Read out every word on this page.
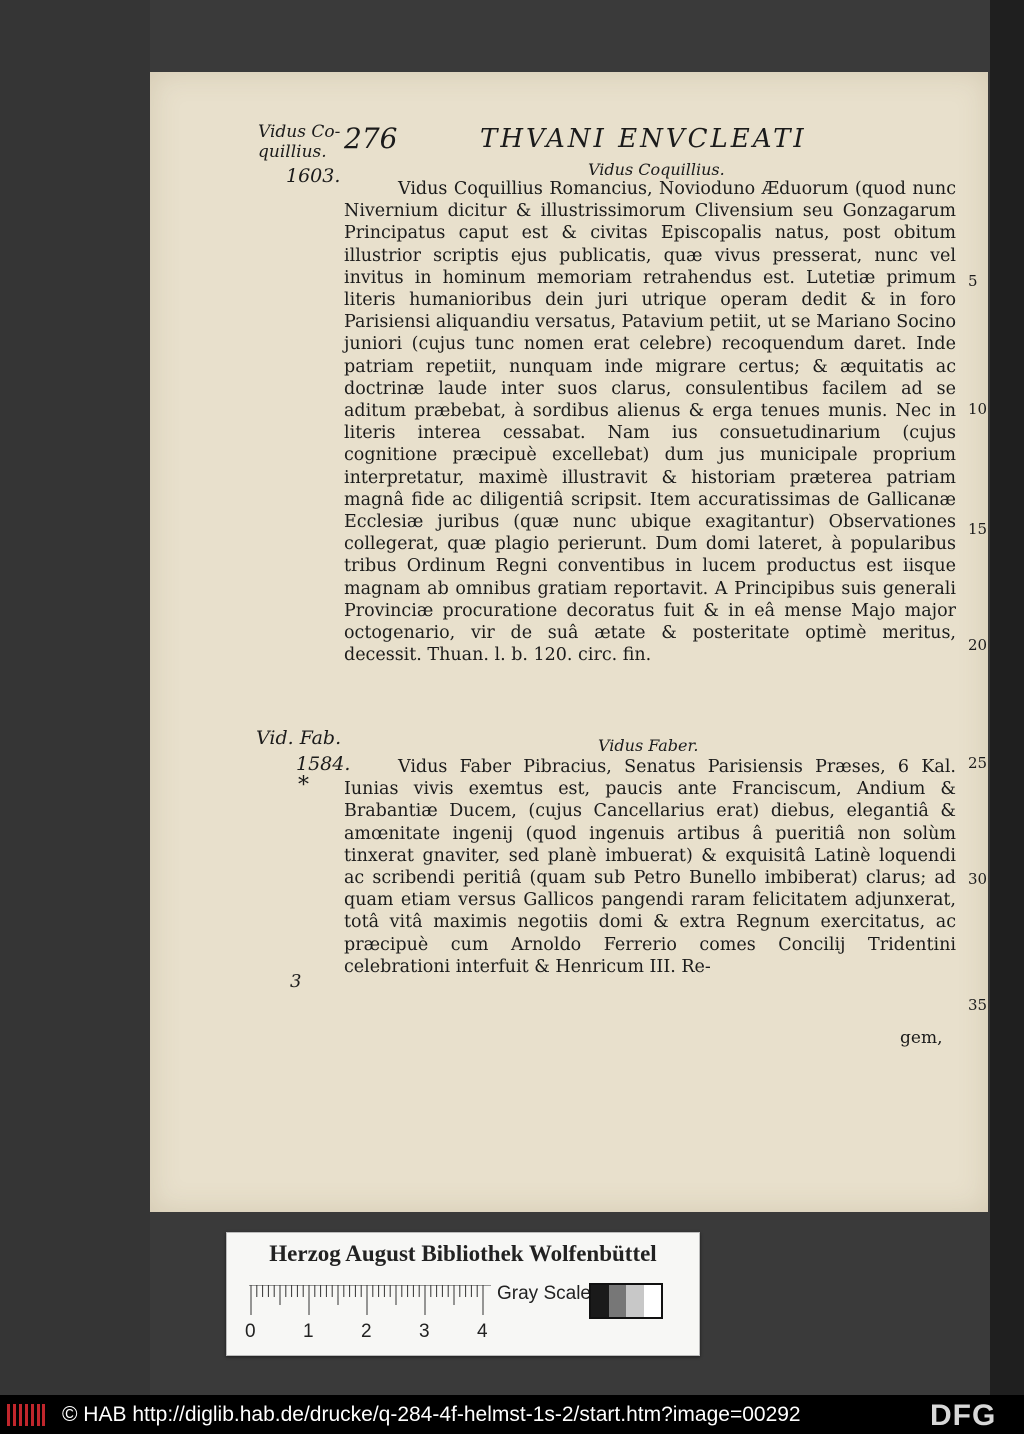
276	THVANI ENVCLEATI
Vidus Co-
quillius.
1603.	Vidus Coquillius.

Vidus Coquillius Romancius, Novioduno Æduorum (quod nunc Nivernium dicitur & illustrissimorum Clivensium seu Gonzagarum Principatus caput est & civitas Episcopalis natus, post obitum illustrior scriptis ejus publicatis, quæ vivus presserat, nunc vel invitus in hominum memoriam retrahendus est. Lutetiæ primum literis humanioribus dein juri utrique operam dedit & in foro Parisiensi aliquandiu versatus, Patavium petiit, ut se Mariano Socino juniori (cujus tunc nomen erat celebre) recoquendum daret. Inde patriam repetiit, nunquam inde migrare certus; & æquitatis ac doctrinæ laude inter suos clarus, consulentibus facilem ad se aditum præbebat, à sordibus alienus & erga tenues munis. Nec in literis interea cessabat. Nam ius consuetudinarium (cujus cognitione præcipuè excellebat) dum jus municipale proprium interpretatur, maximè illustravit & historiam præterea patriam magnâ fide ac diligentiâ scripsit. Item accuratissimas de Gallicanæ Ecclesiæ juribus (quæ nunc ubique exagitantur) Observationes collegerat, quæ plagio perierunt. Dum domi lateret, à popularibus tribus Ordinum Regni conventibus in lucem productus est iisque magnam ab omnibus gratiam reportavit. A Principibus suis generali Provinciæ procuratione decoratus fuit & in eâ mense Majo major octogenario, vir de suâ ætate & posteritate optimè meritus, decessit. Thuan. l. b. 120. circ. fin.

Vid. Fab.	Vidus Faber.
1584.
*

Vidus Faber Pibracius, Senatus Parisiensis Præses, 6 Kal. Iunias vivis exemtus est, paucis ante Franciscum, Andium & Brabantiæ Ducem, (cujus Cancellarius erat) diebus, elegantiâ & amœnitate ingenij (quod ingenuis artibus â pueritiâ non solùm tinxerat gnaviter, sed planè imbuerat) & exquisitâ Latinè loquendi ac scribendi peritiâ (quam sub Petro Bunello imbiberat) clarus; ad quam etiam versus Gallicos pangendi raram felicitatem adjunxerat, totâ vitâ maximis negotiis domi & extra Regnum exercitatus, ac præcipuè cum Arnoldo Ferrerio comes Concilij Tridentini celebrationi interfuit & Henricum III. Re-

3
gem,
5
10
15
20
25
30
35
Herzog August Bibliothek Wolfenbüttel
0 1 2 3 4
Gray Scale
© HAB http://diglib.hab.de/drucke/q-284-4f-helmst-1s-2/start.htm?image=00292	DFG
